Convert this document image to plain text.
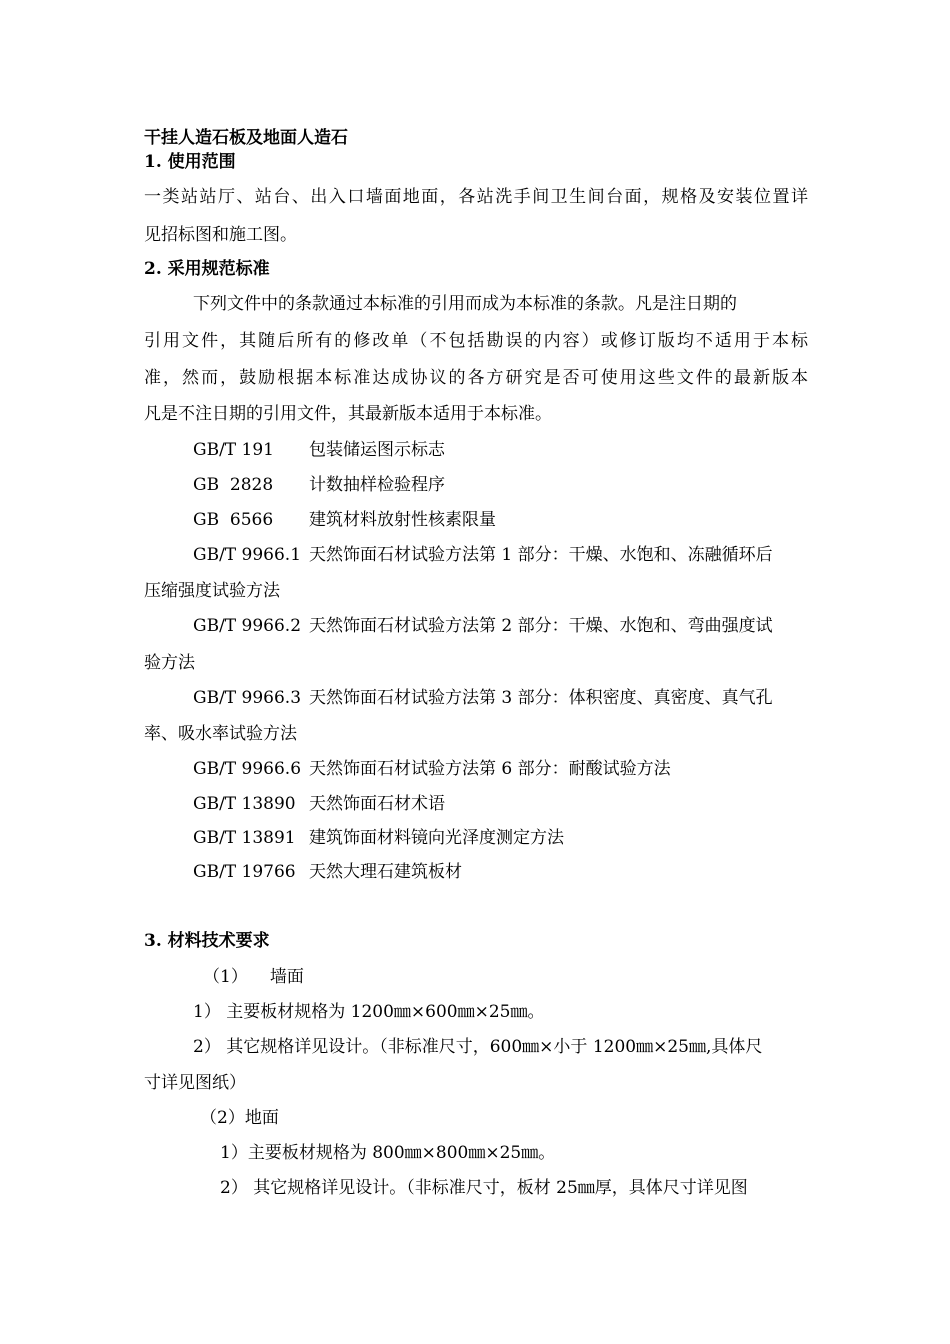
干挂人造石板及地面人造石
1. 使用范围
一类站站厅、站台、出入口墙面地面，各站洗手间卫生间台面，规格及安装位置详
见招标图和施工图。
2. 采用规范标准
下列文件中的条款通过本标准的引用而成为本标准的条款。凡是注日期的
引用文件，其随后所有的修改单（不包括勘误的内容）或修订版均不适用于本标
准，然而，鼓励根据本标准达成协议的各方研究是否可使用这些文件的最新版本
凡是不注日期的引用文件，其最新版本适用于本标准。
GB/T 191 包装储运图示标志
GB  2828 计数抽样检验程序
GB  6566 建筑材料放射性核素限量
GB/T 9966.1 天然饰面石材试验方法第 1 部分：干燥、水饱和、冻融循环后
压缩强度试验方法
GB/T 9966.2 天然饰面石材试验方法第 2 部分：干燥、水饱和、弯曲强度试
验方法
GB/T 9966.3 天然饰面石材试验方法第 3 部分：体积密度、真密度、真气孔
率、吸水率试验方法
GB/T 9966.6 天然饰面石材试验方法第 6 部分：耐酸试验方法
GB/T 13890 天然饰面石材术语
GB/T 13891 建筑饰面材料镜向光泽度测定方法
GB/T 19766 天然大理石建筑板材
3. 材料技术要求
（1） 墙面
1） 主要板材规格为 1200㎜×600㎜×25㎜。
2） 其它规格详见设计。（非标准尺寸，600㎜×小于 1200㎜×25㎜,具体尺
寸详见图纸）
（2）地面
1）主要板材规格为 800㎜×800㎜×25㎜。
2） 其它规格详见设计。（非标准尺寸，板材 25㎜厚，具体尺寸详见图
